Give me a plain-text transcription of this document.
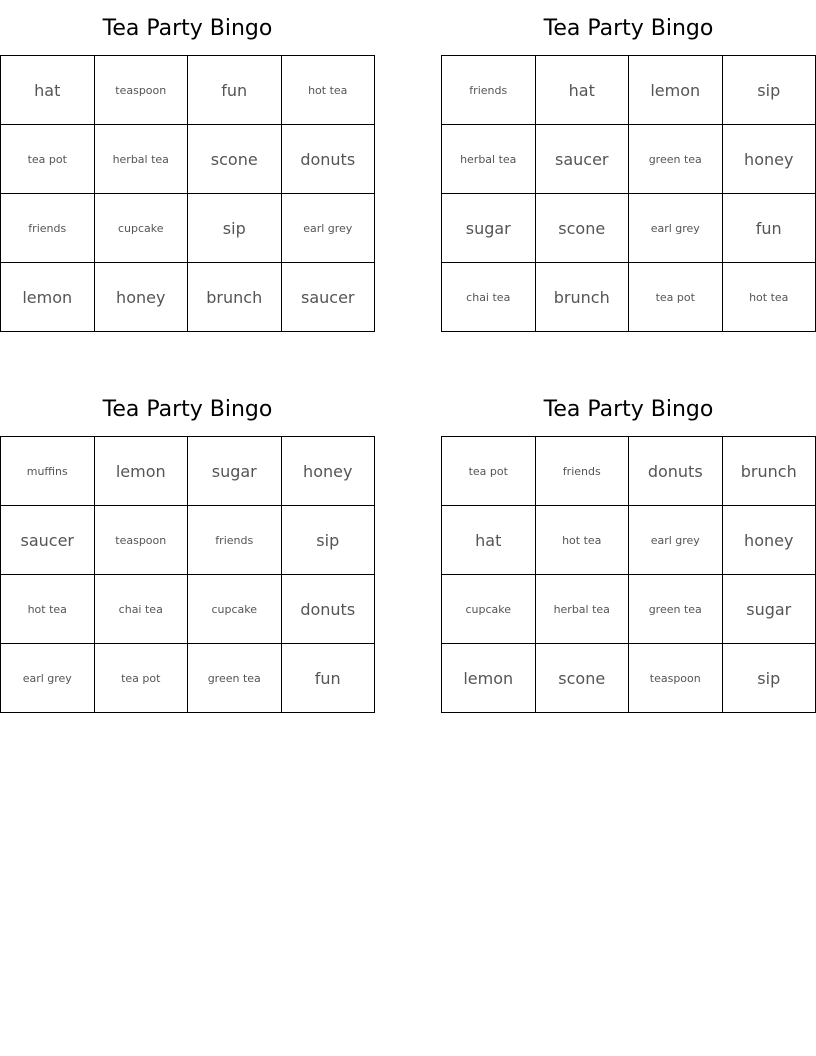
Tea Party Bingo
hat	teaspoon	fun	hot tea
tea pot	herbal tea	scone	donuts
friends	cupcake	sip	earl grey
lemon	honey	brunch	saucer
Tea Party Bingo
friends	hat	lemon	sip
herbal tea	saucer	green tea	honey
sugar	scone	earl grey	fun
chai tea	brunch	tea pot	hot tea
Tea Party Bingo
muffins	lemon	sugar	honey
saucer	teaspoon	friends	sip
hot tea	chai tea	cupcake	donuts
earl grey	tea pot	green tea	fun
Tea Party Bingo
tea pot	friends	donuts	brunch
hat	hot tea	earl grey	honey
cupcake	herbal tea	green tea	sugar
lemon	scone	teaspoon	sip
